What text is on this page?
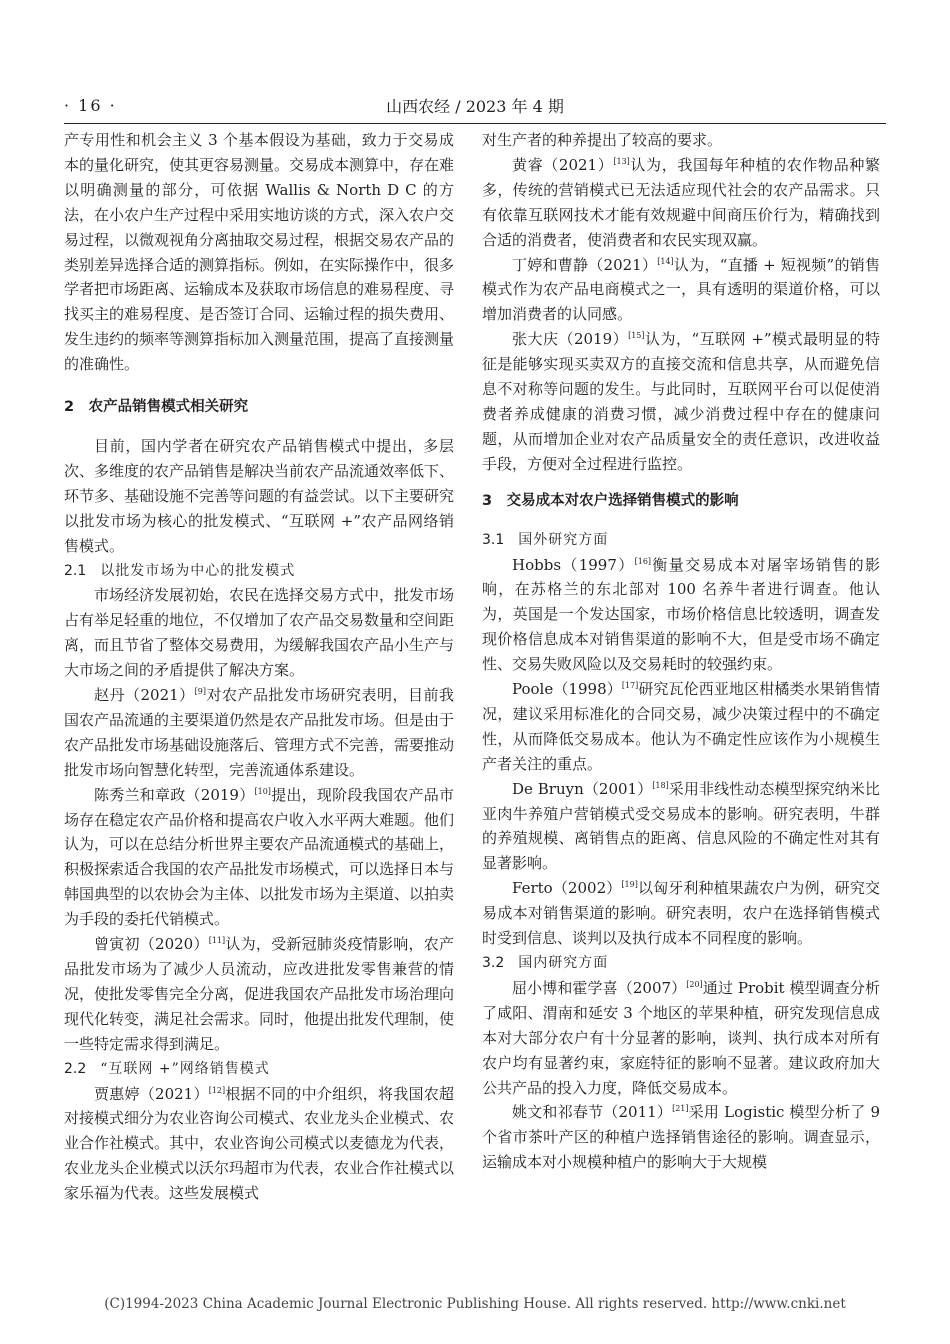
· 16 ·	山西农经 / 2023 年 4 期

产专用性和机会主义 3 个基本假设为基础，致力于交易成本的量化研究，使其更容易测量。交易成本测算中，存在难以明确测量的部分，可依据 Wallis & North D C 的方法，在小农户生产过程中采用实地访谈的方式，深入农户交易过程，以微观视角分离抽取交易过程，根据交易农产品的类别差异选择合适的测算指标。例如，在实际操作中，很多学者把市场距离、运输成本及获取市场信息的难易程度、寻找买主的难易程度、是否签订合同、运输过程的损失费用、发生违约的频率等测算指标加入测量范围，提高了直接测量的准确性。

2　农产品销售模式相关研究

目前，国内学者在研究农产品销售模式中提出，多层次、多维度的农产品销售是解决当前农产品流通效率低下、环节多、基础设施不完善等问题的有益尝试。以下主要研究以批发市场为核心的批发模式、“互联网 +”农产品网络销售模式。

2.1 以批发市场为中心的批发模式

市场经济发展初始，农民在选择交易方式中，批发市场占有举足轻重的地位，不仅增加了农产品交易数量和空间距离，而且节省了整体交易费用，为缓解我国农产品小生产与大市场之间的矛盾提供了解决方案。

赵丹（2021）[9]对农产品批发市场研究表明，目前我国农产品流通的主要渠道仍然是农产品批发市场。但是由于农产品批发市场基础设施落后、管理方式不完善，需要推动批发市场向智慧化转型，完善流通体系建设。

陈秀兰和章政（2019）[10]提出，现阶段我国农产品市场存在稳定农产品价格和提高农户收入水平两大难题。他们认为，可以在总结分析世界主要农产品流通模式的基础上，积极探索适合我国的农产品批发市场模式，可以选择日本与韩国典型的以农协会为主体、以批发市场为主渠道、以拍卖为手段的委托代销模式。

曾寅初（2020）[11]认为，受新冠肺炎疫情影响，农产品批发市场为了减少人员流动，应改进批发零售兼营的情况，使批发零售完全分离，促进我国农产品批发市场治理向现代化转变，满足社会需求。同时，他提出批发代理制，使一些特定需求得到满足。

2.2 “互联网 +”网络销售模式

贾惠婷（2021）[12]根据不同的中介组织，将我国农超对接模式细分为农业咨询公司模式、农业龙头企业模式、农业合作社模式。其中，农业咨询公司模式以麦德龙为代表，农业龙头企业模式以沃尔玛超市为代表，农业合作社模式以家乐福为代表。这些发展模式

对生产者的种养提出了较高的要求。

黄睿（2021）[13]认为，我国每年种植的农作物品种繁多，传统的营销模式已无法适应现代社会的农产品需求。只有依靠互联网技术才能有效规避中间商压价行为，精确找到合适的消费者，使消费者和农民实现双赢。

丁婷和曹静（2021）[14]认为，“直播 + 短视频”的销售模式作为农产品电商模式之一，具有透明的渠道价格，可以增加消费者的认同感。

张大庆（2019）[15]认为，“互联网 +”模式最明显的特征是能够实现买卖双方的直接交流和信息共享，从而避免信息不对称等问题的发生。与此同时，互联网平台可以促使消费者养成健康的消费习惯，减少消费过程中存在的健康问题，从而增加企业对农产品质量安全的责任意识，改进收益手段，方便对全过程进行监控。

3　交易成本对农户选择销售模式的影响
3.1 国外研究方面

Hobbs（1997）[16]衡量交易成本对屠宰场销售的影响，在苏格兰的东北部对 100 名养牛者进行调查。他认为，英国是一个发达国家，市场价格信息比较透明，调查发现价格信息成本对销售渠道的影响不大，但是受市场不确定性、交易失败风险以及交易耗时的较强约束。

Poole（1998）[17]研究瓦伦西亚地区柑橘类水果销售情况，建议采用标准化的合同交易，减少决策过程中的不确定性，从而降低交易成本。他认为不确定性应该作为小规模生产者关注的重点。

De Bruyn（2001）[18]采用非线性动态模型探究纳米比亚肉牛养殖户营销模式受交易成本的影响。研究表明，牛群的养殖规模、离销售点的距离、信息风险的不确定性对其有显著影响。

Ferto（2002）[19]以匈牙利种植果蔬农户为例，研究交易成本对销售渠道的影响。研究表明，农户在选择销售模式时受到信息、谈判以及执行成本不同程度的影响。

3.2 国内研究方面

屈小博和霍学喜（2007）[20]通过 Probit 模型调查分析了咸阳、渭南和延安 3 个地区的苹果种植，研究发现信息成本对大部分农户有十分显著的影响，谈判、执行成本对所有农户均有显著约束，家庭特征的影响不显著。建议政府加大公共产品的投入力度，降低交易成本。

姚文和祁春节（2011）[21]采用 Logistic 模型分析了 9 个省市茶叶产区的种植户选择销售途径的影响。调查显示，运输成本对小规模种植户的影响大于大规模

(C)1994-2023 China Academic Journal Electronic Publishing House. All rights reserved. http://www.cnki.net
